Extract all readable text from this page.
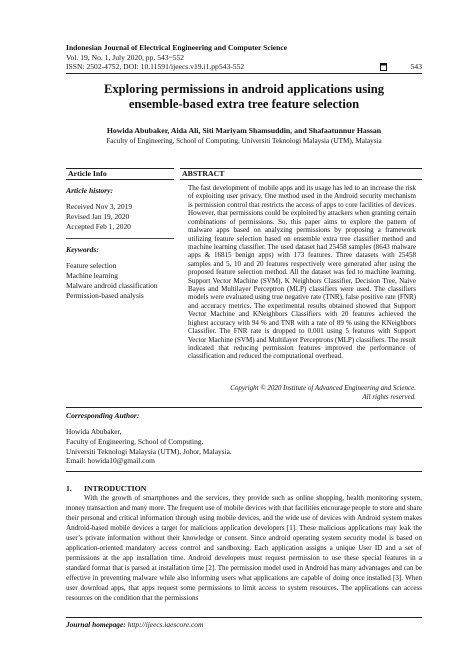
Indonesian Journal of Electrical Engineering and Computer Science
Vol. 19, No. 1, July 2020, pp. 543~552
ISSN: 2502-4752, DOI: 10.11591/ijeecs.v19.i1.pp543-552	543
Exploring permissions in android applications using
ensemble-based extra tree feature selection
Howida Abubaker, Aida Ali, Siti Mariyam Shamsuddin, and Shafaatunnur Hassan
Faculty of Engineering, School of Computing, Universiti Teknologi Malaysia (UTM), Malaysia
Article Info
Article history:
Received Nov 3, 2019
Revised Jan 19, 2020
Accepted Feb 1, 2020
Keywords:
Feature selection
Machine learning
Malware android classification
Permission-based analysis
ABSTRACT
The fast development of mobile apps and its usage has led to an increase the risk of exploiting user privacy. One method used in the Android security mechanism is permission control that restricts the access of apps to core facilities of devices. However, that permissions could be exploited by attackers when granting certain combinations of permissions. So, this paper aims to explore the pattern of malware apps based on analyzing permissions by proposing a framework utilizing feature selection based on ensemble extra tree classifier method and machine learning classifier. The used dataset had 25458 samples (8643 malware apps & 16815 benign apps) with 173 features. Three datasets with 25458 samples and 5, 10 and 20 features respectively were generated after using the proposed feature selection method. All the dataset was fed to machine learning. Support Vector Machine (SVM), K Neighbors Classifier, Decision Tree, Naive Bayes and Multilayer Perceptron (MLP) classifiers were used. The classifiers models were evaluated using true negative rate (TNR), false positive rate (FNR) and accuracy metrics. The experimental results obtained showed that Support Vector Machine and KNeighbors Classifiers with 20 features achieved the highest accuracy with 94 % and TNR with a rate of 89 % using the KNeighbors Classifier. The FNR rate is dropped to 0.001 using 5 features with Support Vector Machine (SVM) and Multilayer Perceptrons (MLP) classifiers. The result indicated that reducing permission features improved the performance of classification and reduced the computational overhead.
Copyright © 2020 Institute of Advanced Engineering and Science.
All rights reserved.
Corresponding Author:
Howida Abubaker,
Faculty of Engineering, School of Computing,
Universiti Teknologi Malaysia (UTM), Johor, Malaysia.
Email: howida10@gmail.com
1. INTRODUCTION
With the growth of smartphones and the services, they provide such as online shopping, health monitoring system, money transaction and many more. The frequent use of mobile devices with that facilities encourage people to store and share their personal and critical information through using mobile devices, and the wide use of devices with Android system makes Android-based mobile devices a target for malicious application developers [1]. These malicious applications may leak the user’s private information without their knowledge or consent. Since android operating system security model is based on application-oriented mandatory access control and sandboxing. Each application assigns a unique User ID and a set of permissions at the app installation time. Android developers must request permission to use these special features in a standard format that is parsed at installation time [2]. The permission model used in Android has many advantages and can be effective in preventing malware while also informing users what applications are capable of doing once installed [3]. When user download apps, that apps request some permissions to limit access to system resources. The applications can access resources on the condition that the permissions
Journal homepage: http://ijeecs.iaescore.com
